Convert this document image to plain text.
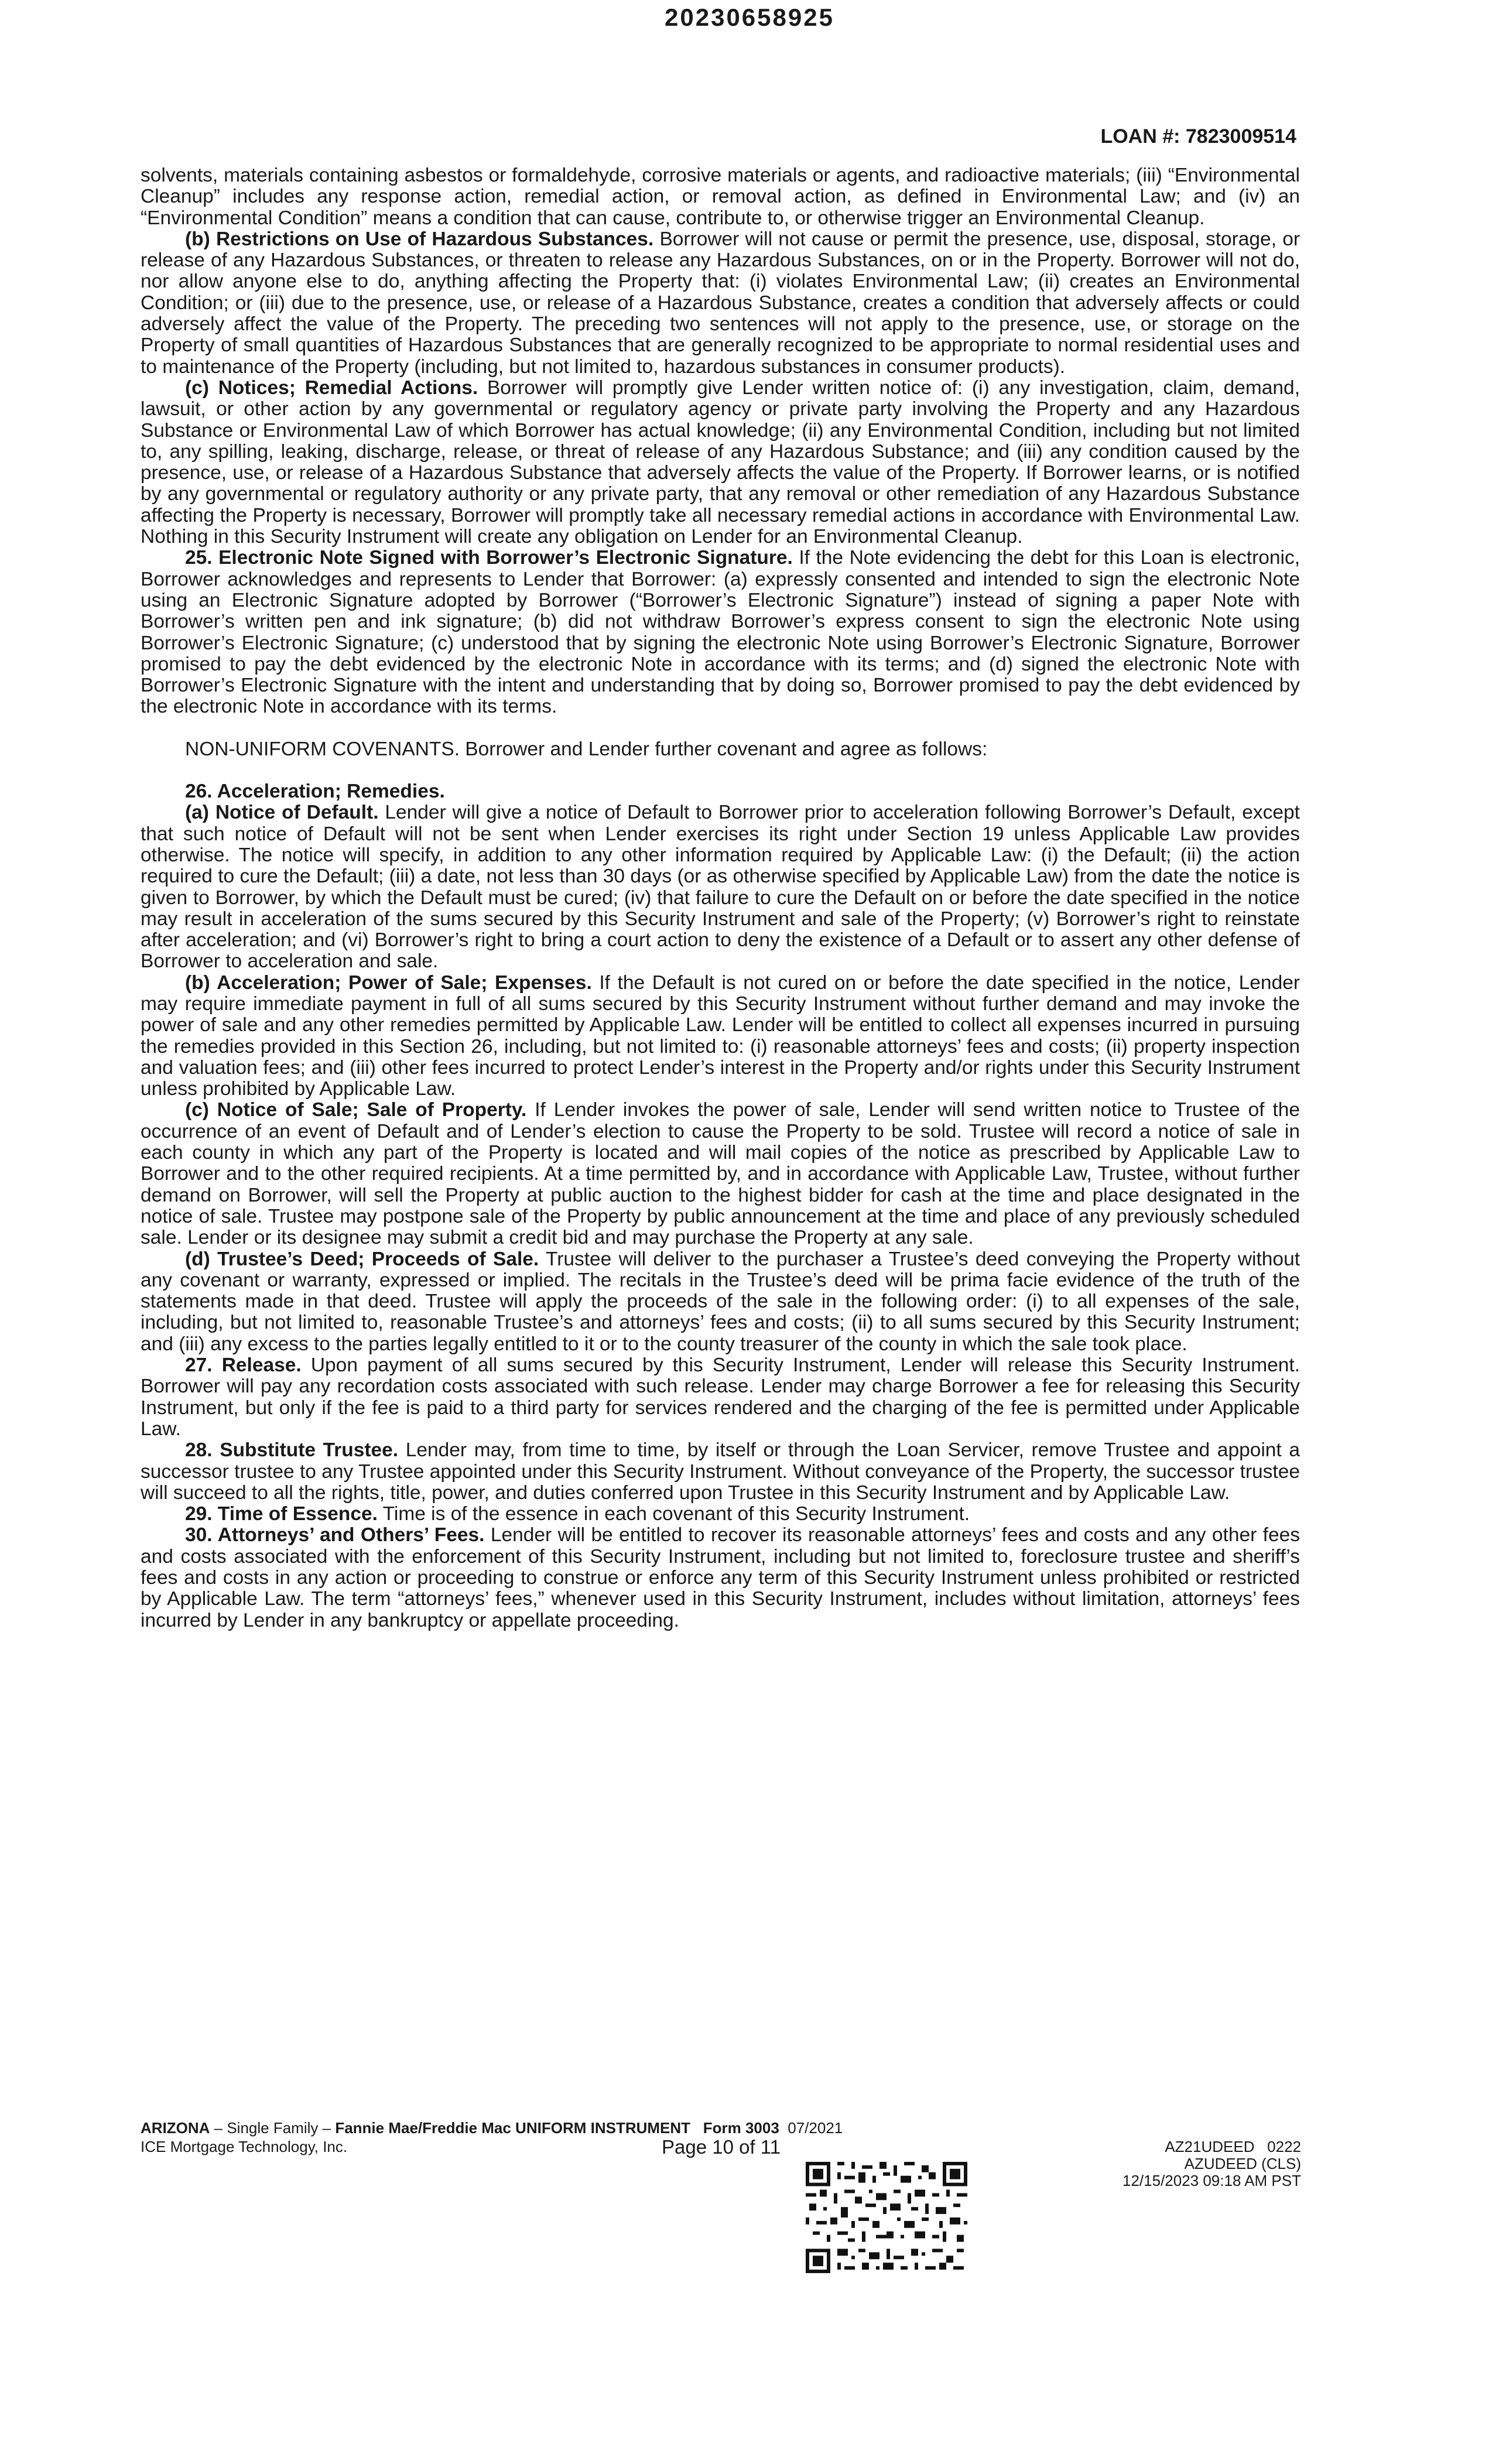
20230658925
LOAN #: 7823009514

solvents, materials containing asbestos or formaldehyde, corrosive materials or agents, and radioactive materials; (iii) “Environmental Cleanup” includes any response action, remedial action, or removal action, as defined in Environmental Law; and (iv) an “Environmental Condition” means a condition that can cause, contribute to, or otherwise trigger an Environmental Cleanup.

(b) Restrictions on Use of Hazardous Substances. Borrower will not cause or permit the presence, use, disposal, storage, or release of any Hazardous Substances, or threaten to release any Hazardous Substances, on or in the Property. Borrower will not do, nor allow anyone else to do, anything affecting the Property that: (i) violates Environmental Law; (ii) creates an Environmental Condition; or (iii) due to the presence, use, or release of a Hazardous Substance, creates a condition that adversely affects or could adversely affect the value of the Property. The preceding two sentences will not apply to the presence, use, or storage on the Property of small quantities of Hazardous Substances that are generally recognized to be appropriate to normal residential uses and to maintenance of the Property (including, but not limited to, hazardous substances in consumer products).

(c) Notices; Remedial Actions. Borrower will promptly give Lender written notice of: (i) any investigation, claim, demand, lawsuit, or other action by any governmental or regulatory agency or private party involving the Property and any Hazardous Substance or Environmental Law of which Borrower has actual knowledge; (ii) any Environmental Condition, including but not limited to, any spilling, leaking, discharge, release, or threat of release of any Hazardous Substance; and (iii) any condition caused by the presence, use, or release of a Hazardous Substance that adversely affects the value of the Property. If Borrower learns, or is notified by any governmental or regulatory authority or any private party, that any removal or other remediation of any Hazardous Substance affecting the Property is necessary, Borrower will promptly take all necessary remedial actions in accordance with Environmental Law. Nothing in this Security Instrument will create any obligation on Lender for an Environmental Cleanup.

25. Electronic Note Signed with Borrower’s Electronic Signature. If the Note evidencing the debt for this Loan is electronic, Borrower acknowledges and represents to Lender that Borrower: (a) expressly consented and intended to sign the electronic Note using an Electronic Signature adopted by Borrower (“Borrower’s Electronic Signature”) instead of signing a paper Note with Borrower’s written pen and ink signature; (b) did not withdraw Borrower’s express consent to sign the electronic Note using Borrower’s Electronic Signature; (c) understood that by signing the electronic Note using Borrower’s Electronic Signature, Borrower promised to pay the debt evidenced by the electronic Note in accordance with its terms; and (d) signed the electronic Note with Borrower’s Electronic Signature with the intent and understanding that by doing so, Borrower promised to pay the debt evidenced by the electronic Note in accordance with its terms.

NON-UNIFORM COVENANTS. Borrower and Lender further covenant and agree as follows:

26. Acceleration; Remedies.

(a) Notice of Default. Lender will give a notice of Default to Borrower prior to acceleration following Borrower’s Default, except that such notice of Default will not be sent when Lender exercises its right under Section 19 unless Applicable Law provides otherwise. The notice will specify, in addition to any other information required by Applicable Law: (i) the Default; (ii) the action required to cure the Default; (iii) a date, not less than 30 days (or as otherwise specified by Applicable Law) from the date the notice is given to Borrower, by which the Default must be cured; (iv) that failure to cure the Default on or before the date specified in the notice may result in acceleration of the sums secured by this Security Instrument and sale of the Property; (v) Borrower’s right to reinstate after acceleration; and (vi) Borrower’s right to bring a court action to deny the existence of a Default or to assert any other defense of Borrower to acceleration and sale.

(b) Acceleration; Power of Sale; Expenses. If the Default is not cured on or before the date specified in the notice, Lender may require immediate payment in full of all sums secured by this Security Instrument without further demand and may invoke the power of sale and any other remedies permitted by Applicable Law. Lender will be entitled to collect all expenses incurred in pursuing the remedies provided in this Section 26, including, but not limited to: (i) reasonable attorneys’ fees and costs; (ii) property inspection and valuation fees; and (iii) other fees incurred to protect Lender’s interest in the Property and/or rights under this Security Instrument unless prohibited by Applicable Law.

(c) Notice of Sale; Sale of Property. If Lender invokes the power of sale, Lender will send written notice to Trustee of the occurrence of an event of Default and of Lender’s election to cause the Property to be sold. Trustee will record a notice of sale in each county in which any part of the Property is located and will mail copies of the notice as prescribed by Applicable Law to Borrower and to the other required recipients. At a time permitted by, and in accordance with Applicable Law, Trustee, without further demand on Borrower, will sell the Property at public auction to the highest bidder for cash at the time and place designated in the notice of sale. Trustee may postpone sale of the Property by public announcement at the time and place of any previously scheduled sale. Lender or its designee may submit a credit bid and may purchase the Property at any sale.

(d) Trustee’s Deed; Proceeds of Sale. Trustee will deliver to the purchaser a Trustee’s deed conveying the Property without any covenant or warranty, expressed or implied. The recitals in the Trustee’s deed will be prima facie evidence of the truth of the statements made in that deed. Trustee will apply the proceeds of the sale in the following order: (i) to all expenses of the sale, including, but not limited to, reasonable Trustee’s and attorneys’ fees and costs; (ii) to all sums secured by this Security Instrument; and (iii) any excess to the parties legally entitled to it or to the county treasurer of the county in which the sale took place.

27. Release. Upon payment of all sums secured by this Security Instrument, Lender will release this Security Instrument. Borrower will pay any recordation costs associated with such release. Lender may charge Borrower a fee for releasing this Security Instrument, but only if the fee is paid to a third party for services rendered and the charging of the fee is permitted under Applicable Law.

28. Substitute Trustee. Lender may, from time to time, by itself or through the Loan Servicer, remove Trustee and appoint a successor trustee to any Trustee appointed under this Security Instrument. Without conveyance of the Property, the successor trustee will succeed to all the rights, title, power, and duties conferred upon Trustee in this Security Instrument and by Applicable Law.

29. Time of Essence. Time is of the essence in each covenant of this Security Instrument.

30. Attorneys’ and Others’ Fees. Lender will be entitled to recover its reasonable attorneys’ fees and costs and any other fees and costs associated with the enforcement of this Security Instrument, including but not limited to, foreclosure trustee and sheriff’s fees and costs in any action or proceeding to construe or enforce any term of this Security Instrument unless prohibited or restricted by Applicable Law. The term “attorneys’ fees,” whenever used in this Security Instrument, includes without limitation, attorneys’ fees incurred by Lender in any bankruptcy or appellate proceeding.

ARIZONA – Single Family – Fannie Mae/Freddie Mac UNIFORM INSTRUMENT Form 3003 07/2021
ICE Mortgage Technology, Inc.	Page 10 of 11	AZ21UDEED   0222
AZUDEED (CLS)
12/15/2023 09:18 AM PST
